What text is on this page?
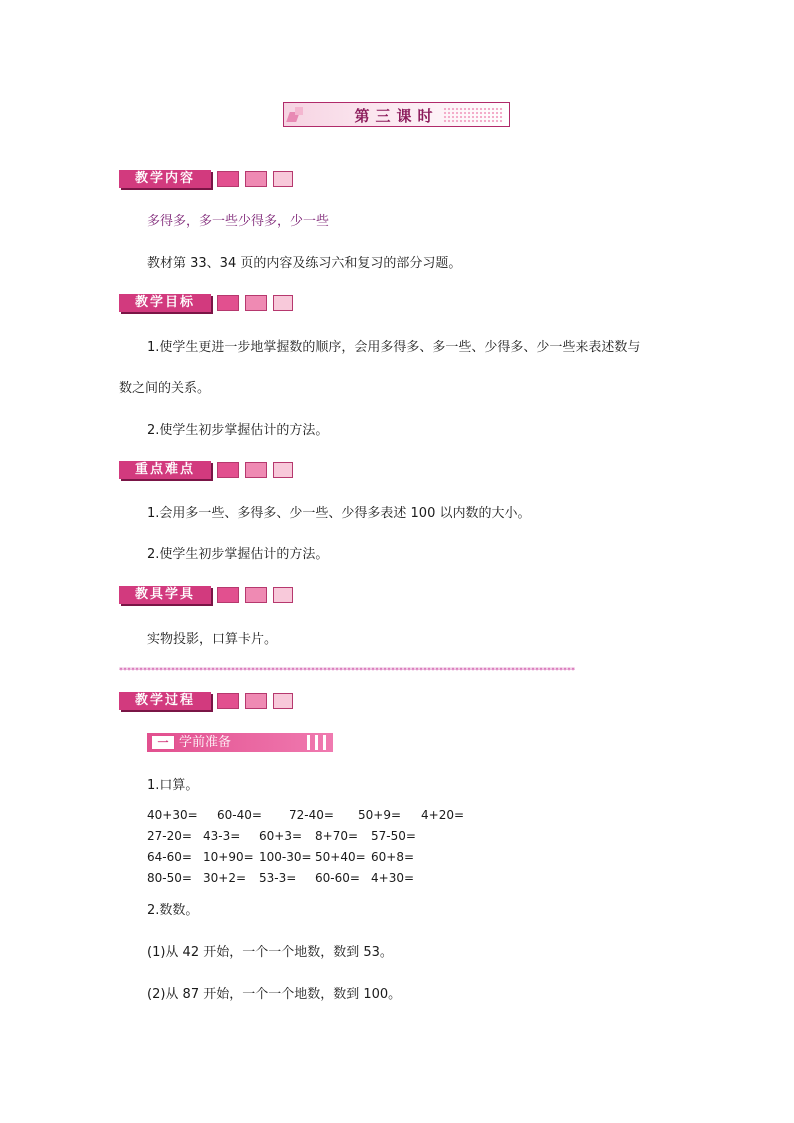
第三课时
教学内容
多得多，多一些少得多，少一些
教材第 33、34 页的内容及练习六和复习的部分习题。
教学目标
1.使学生更进一步地掌握数的顺序，会用多得多、多一些、少得多、少一些来表述数与
数之间的关系。
2.使学生初步掌握估计的方法。
重点难点
1.会用多一些、多得多、少一些、少得多表述 100 以内数的大小。
2.使学生初步掌握估计的方法。
教具学具
实物投影，口算卡片。
******************************************************************************************************************
教学过程
一 学前准备
1.口算。
40+30= 60-40= 72-40= 50+9= 4+20=
27-20= 43-3= 60+3= 8+70= 57-50=
64-60= 10+90= 100-30= 50+40= 60+8=
80-50= 30+2= 53-3= 60-60= 4+30=
2.数数。
(1)从 42 开始，一个一个地数，数到 53。
(2)从 87 开始，一个一个地数，数到 100。
